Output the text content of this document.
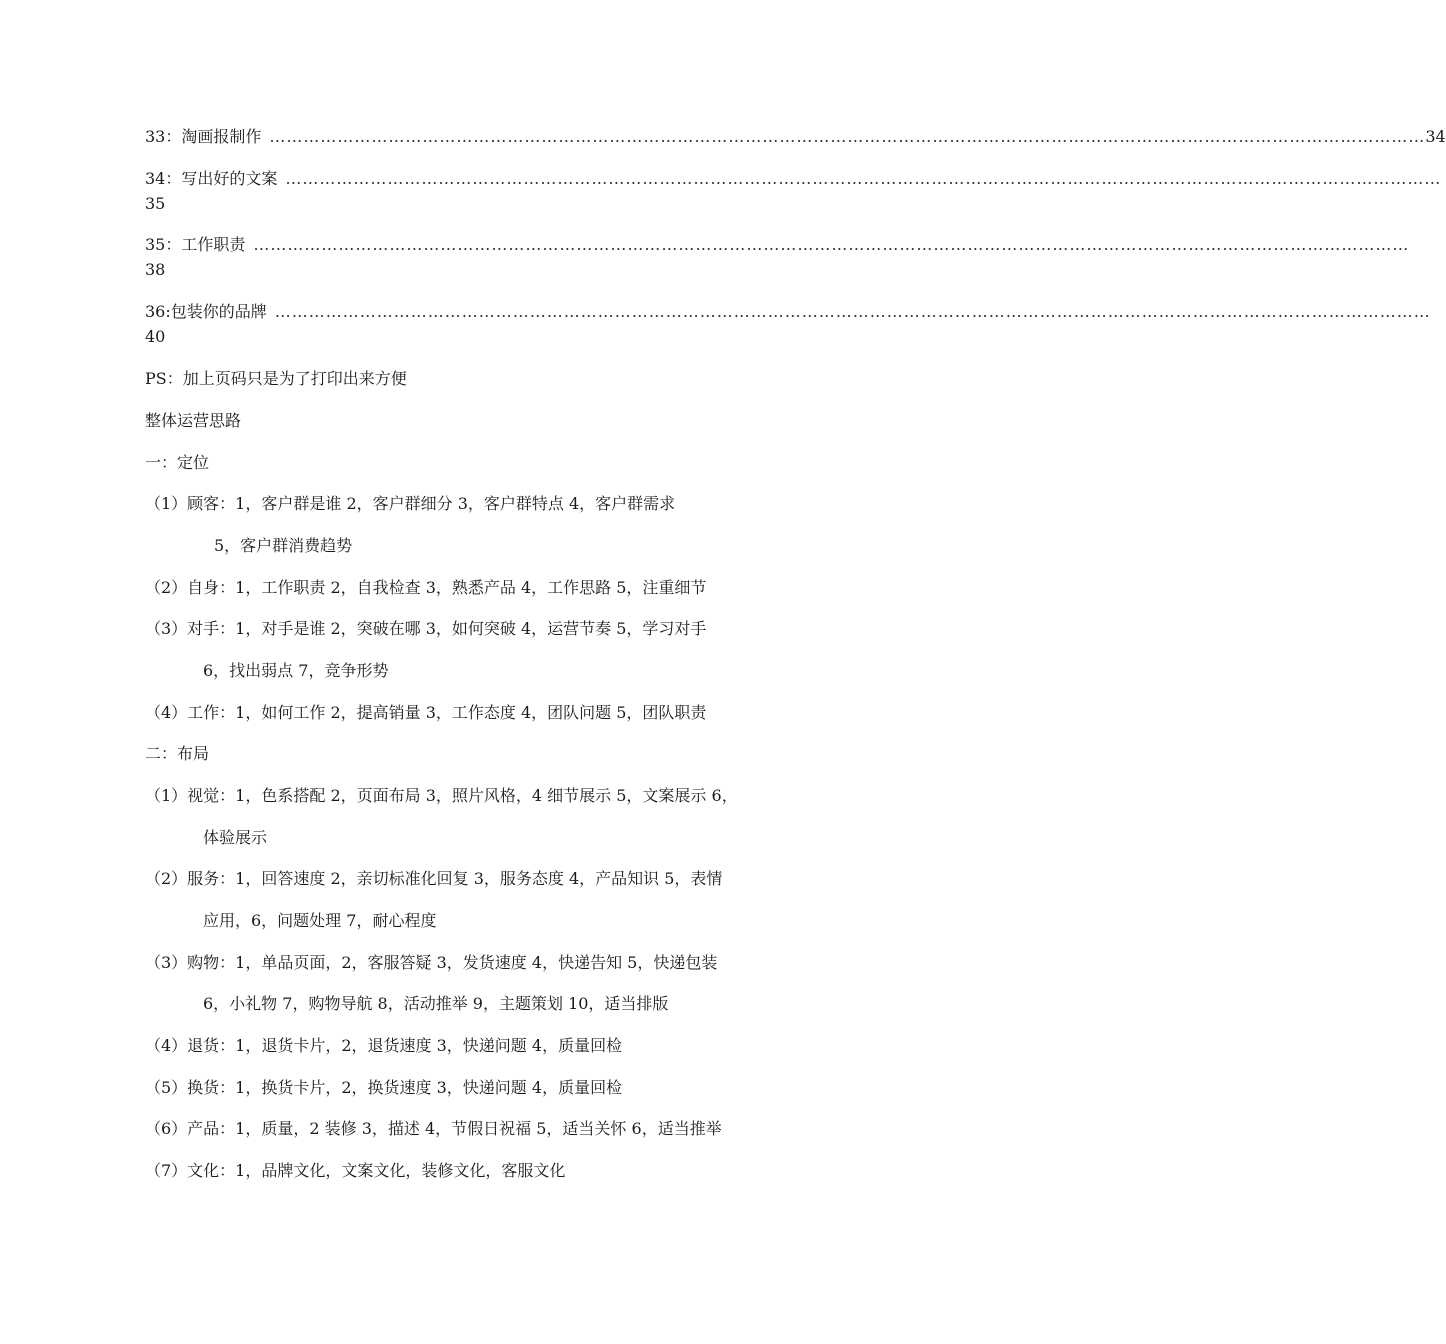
33：淘画报制作 …………………………………………………………………………………………………………………………………………………………………………………… 34
34：写出好的文案 ……………………………………………………………………………………………………………………………………………………………………………………
35
35：工作职责 ……………………………………………………………………………………………………………………………………………………………………………………
38
36:包装你的品牌 ……………………………………………………………………………………………………………………………………………………………………………………
40
PS：加上页码只是为了打印出来方便
整体运营思路
一：定位
（1）顾客：1，客户群是谁 2，客户群细分 3，客户群特点 4，客户群需求
5，客户群消费趋势
（2）自身：1，工作职责 2，自我检查 3，熟悉产品 4，工作思路 5，注重细节
（3）对手：1，对手是谁 2，突破在哪 3，如何突破 4，运营节奏 5，学习对手
6，找出弱点 7，竞争形势
（4）工作：1，如何工作 2，提高销量 3，工作态度 4，团队问题 5，团队职责
二：布局
（1）视觉：1，色系搭配 2，页面布局 3，照片风格，4 细节展示 5，文案展示 6，
体验展示
（2）服务：1，回答速度 2，亲切标准化回复 3，服务态度 4，产品知识 5，表情
应用，6，问题处理 7，耐心程度
（3）购物：1，单品页面，2，客服答疑 3，发货速度 4，快递告知 5，快递包装
6，小礼物 7，购物导航 8，活动推举 9，主题策划 10，适当排版
（4）退货：1，退货卡片，2，退货速度 3，快递问题 4，质量回检
（5）换货：1，换货卡片，2，换货速度 3，快递问题 4，质量回检
（6）产品：1，质量，2 装修 3，描述 4，节假日祝福 5，适当关怀 6，适当推举
（7）文化：1，品牌文化，文案文化，装修文化，客服文化
